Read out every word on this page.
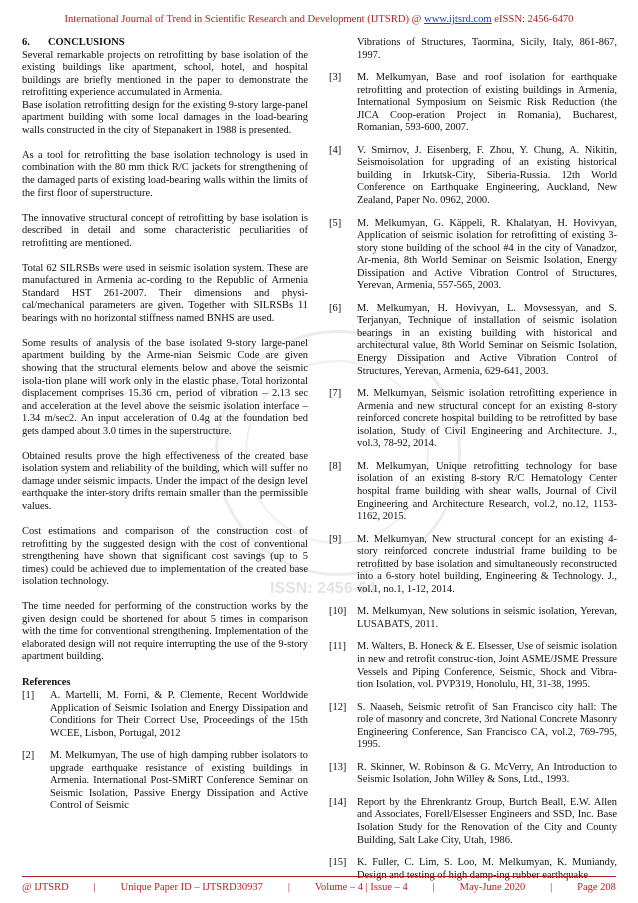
International Journal of Trend in Scientific Research and Development (IJTSRD) @ www.ijtsrd.com eISSN: 2456-6470
ISSN: 2456-64
6. CONCLUSIONS

Several remarkable projects on retrofitting by base isolation of the existing buildings like apartment, school, hotel, and hospital buildings are briefly mentioned in the paper to demonstrate the retrofitting experience accumulated in Armenia.

Base isolation retrofitting design for the existing 9-story large-panel apartment building with some local damages in the load-bearing walls constructed in the city of Stepanakert in 1988 is presented.

As a tool for retrofitting the base isolation technology is used in combination with the 80 mm thick R/C jackets for strengthening of the damaged parts of existing load-bearing walls within the limits of the first floor of superstructure.

The innovative structural concept of retrofitting by base isolation is described in detail and some characteristic peculiarities of retrofitting are mentioned.

Total 62 SILRSBs were used in seismic isolation system. These are manufactured in Armenia ac-cording to the Republic of Armenia Standard HST 261-2007. Their dimensions and physi-cal/mechanical parameters are given. Together with SILRSBs 11 bearings with no horizontal stiffness named BNHS are used.

Some results of analysis of the base isolated 9-story large-panel apartment building by the Arme-nian Seismic Code are given showing that the structural elements below and above the seismic isola-tion plane will work only in the elastic phase. Total horizontal displacement comprises 15.36 cm, period of vibration – 2.13 sec and acceleration at the level above the seismic isolation interface – 1.34 m/sec2. An input acceleration of 0.4g at the foundation bed gets damped about 3.0 times in the superstructure.

Obtained results prove the high effectiveness of the created base isolation system and reliability of the building, which will suffer no damage under seismic impacts. Under the impact of the design level earthquake the inter-story drifts remain smaller than the permissible values.

Cost estimations and comparison of the construction cost of retrofitting by the suggested design with the cost of conventional strengthening have shown that significant cost savings (up to 5 times) could be achieved due to implementation of the created base isolation technology.

The time needed for performing of the construction works by the given design could be shortened for about 5 times in comparison with the time for conventional strengthening. Implementation of the elaborated design will not require interrupting the use of the 9-story apartment building.

References
[1]	A. Martelli, M. Forni, & P. Clemente, Recent Worldwide Application of Seismic Isolation and Energy Dissipation and Conditions for Their Correct Use, Proceedings of the 15th WCEE, Lisbon, Portugal, 2012
[2]	M. Melkumyan, The use of high damping rubber isolators to upgrade earthquake resistance of existing buildings in Armenia. International Post-SMiRT Conference Seminar on Seismic Isolation, Passive Energy Dissipation and Active Control of Seismic
Vibrations of Structures, Taormina, Sicily, Italy, 861-867, 1997.
[3]	M. Melkumyan, Base and roof isolation for earthquake retrofitting and protection of existing buildings in Armenia, International Symposium on Seismic Risk Reduction (the JICA Coop-eration Project in Romania), Bucharest, Romanian, 593-600, 2007.
[4]	V. Smirnov, J. Eisenberg, F. Zhou, Y. Chung, A. Nikitin, Seismoisolation for upgrading of an existing historical building in Irkutsk-City, Siberia-Russia. 12th World Conference on Earthquake Engineering, Auckland, New Zealand, Paper No. 0962, 2000.
[5]	M. Melkumyan, G. Käppeli, R. Khalatyan, H. Hovivyan, Application of seismic isolation for retrofitting of existing 3-story stone building of the school #4 in the city of Vanadzor, Ar-menia, 8th World Seminar on Seismic Isolation, Energy Dissipation and Active Vibration Control of Structures, Yerevan, Armenia, 557-565, 2003.
[6]	M. Melkumyan, H. Hovivyan, L. Movsessyan, and S. Terjanyan, Technique of installation of seismic isolation bearings in an existing building with historical and architectural value, 8th World Seminar on Seismic Isolation, Energy Dissipation and Active Vibration Control of Structures, Yerevan, Armenia, 629-641, 2003.
[7]	M. Melkumyan, Seismic isolation retrofitting experience in Armenia and new structural concept for an existing 8-story reinforced concrete hospital building to be retrofitted by base isolation, Study of Civil Engineering and Architecture. J., vol.3, 78-92, 2014.
[8]	M. Melkumyan, Unique retrofitting technology for base isolation of an existing 8-story R/C Hematology Center hospital frame building with shear walls, Journal of Civil Engineering and Architecture Research, vol.2, no.12, 1153-1162, 2015.
[9]	M. Melkumyan, New structural concept for an existing 4-story reinforced concrete industrial frame building to be retrofitted by base isolation and simultaneously reconstructed into a 6-story hotel building, Engineering & Technology. J., vol.1, no.1, 1-12, 2014.
[10]	M. Melkumyan, New solutions in seismic isolation, Yerevan, LUSABATS, 2011.
[11]	M. Walters, B. Honeck & E. Elsesser, Use of seismic isolation in new and retrofit construc-tion, Joint ASME/JSME Pressure Vessels and Piping Conference, Seismic, Shock and Vibra-tion Isolation, vol. PVP319, Honolulu, HI, 31-38, 1995.
[12]	S. Naaseh, Seismic retrofit of San Francisco city hall: The role of masonry and concrete, 3rd National Concrete Masonry Engineering Conference, San Francisco CA, vol.2, 769-795, 1995.
[13]	R. Skinner, W. Robinson & G. McVerry, An Introduction to Seismic Isolation, John Willey & Sons, Ltd., 1993.
[14]	Report by the Ehrenkrantz Group, Burtch Beall, E.W. Allen and Associates, Forell/Elsesser Engineers and SSD, Inc. Base Isolation Study for the Renovation of the City and County Building, Salt Lake City, Utah, 1986.
[15]	K. Fuller, C. Lim, S. Loo, M. Melkumyan, K. Muniandy, Design and testing of high damp-ing rubber earthquake
@ IJTSRD | Unique Paper ID – IJTSRD30937 | Volume – 4 | Issue – 4 | May-June 2020 | Page 208
